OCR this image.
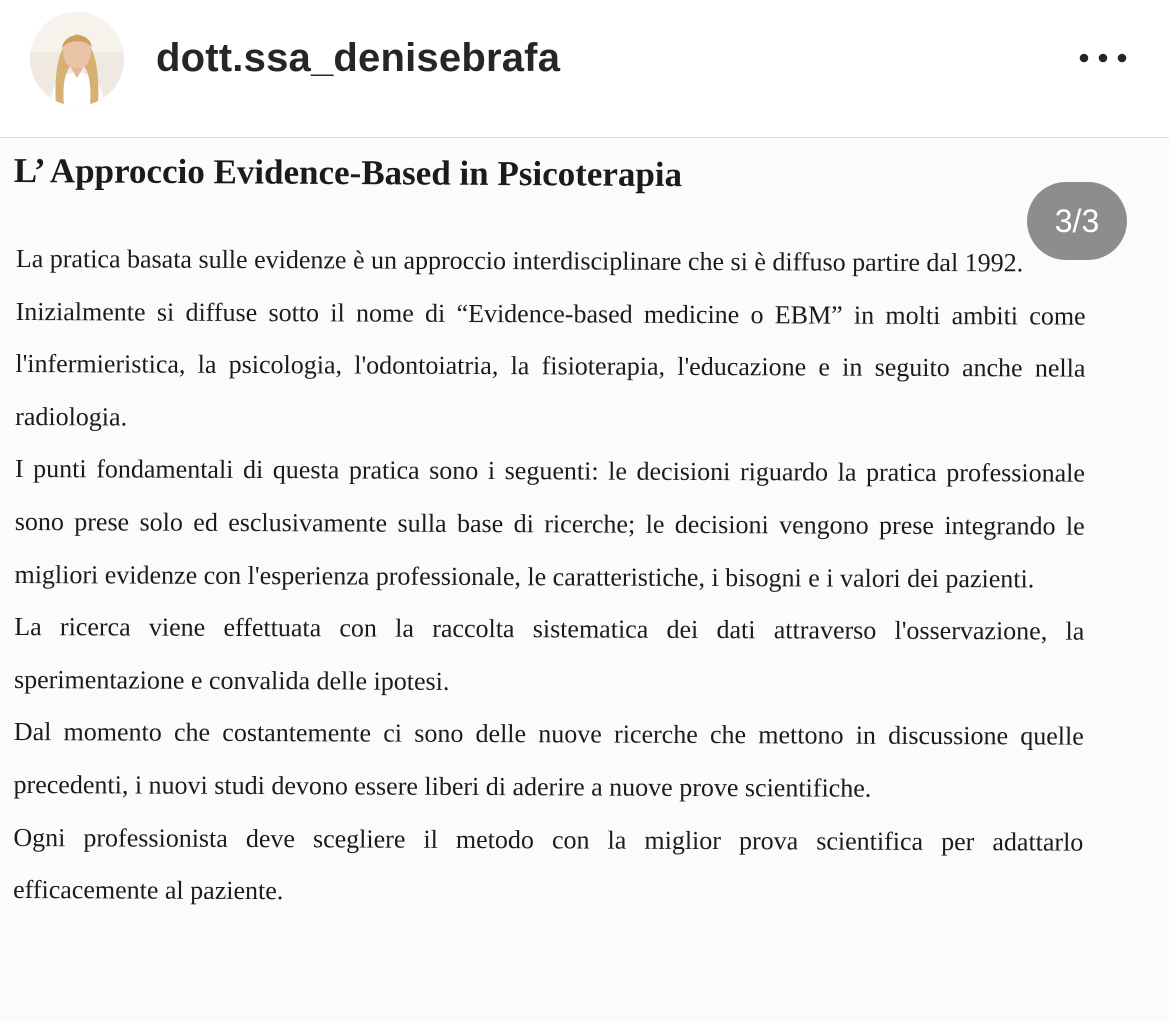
dott.ssa_denisebrafa
L’ Approccio Evidence-Based in Psicoterapia

La pratica basata sulle evidenze è un approccio interdisciplinare che si è diffuso partire dal 1992.

Inizialmente si diffuse sotto il nome di “Evidence-based medicine o EBM” in molti ambiti come l'infermieristica, la psicologia, l'odontoiatria, la fisioterapia, l'educazione e in seguito anche nella radiologia.

I punti fondamentali di questa pratica sono i seguenti: le decisioni riguardo la pratica professionale sono prese solo ed esclusivamente sulla base di ricerche; le decisioni vengono prese integrando le migliori evidenze con l'esperienza professionale, le caratteristiche, i bisogni e i valori dei pazienti.

La ricerca viene effettuata con la raccolta sistematica dei dati attraverso l'osservazione, la sperimentazione e convalida delle ipotesi.

Dal momento che costantemente ci sono delle nuove ricerche che mettono in discussione quelle precedenti, i nuovi studi devono essere liberi di aderire a nuove prove scientifiche.

Ogni professionista deve scegliere il metodo con la miglior prova scientifica per adattarlo efficacemente al paziente.

3/3
